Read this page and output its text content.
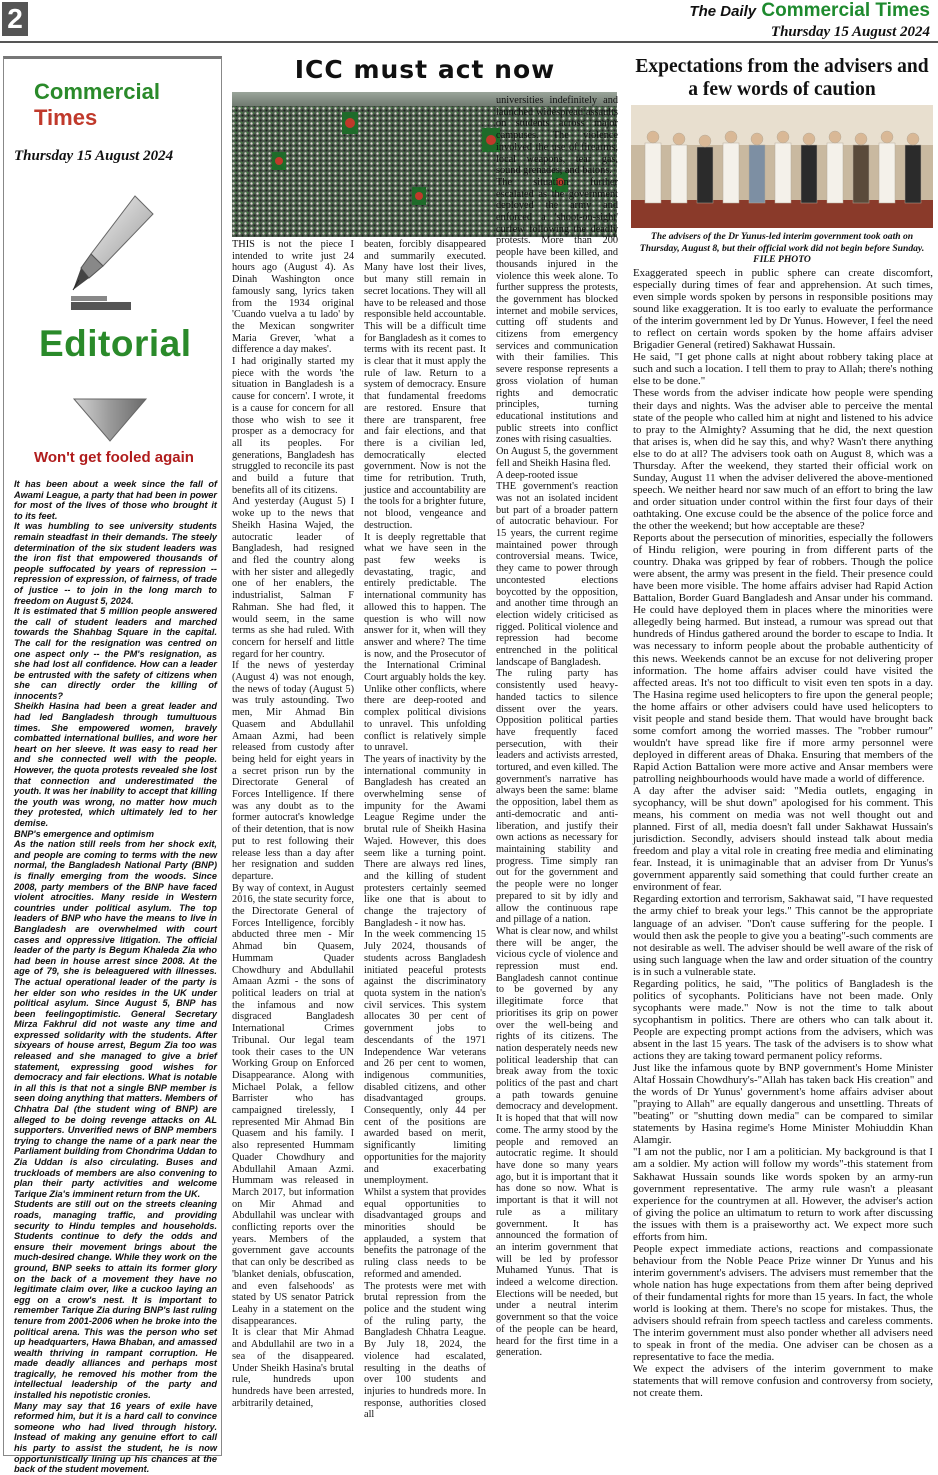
2	The Daily Commercial Times
Thursday 15 August 2024
Commercial Times
Thursday 15 August 2024
Editorial
Won't get fooled again

It has been about a week since the fall of Awami League, a party that had been in power for most of the lives of those who brought it to its feet.

It was humbling to see university students remain steadfast in their demands. The steely determination of the six student leaders was the iron fist that empowered thousands of people suffocated by years of repression -- repression of expression, of fairness, of trade of justice -- to join in the long march to freedom on August 5, 2024.

It is estimated that 5 million people answered the call of student leaders and marched towards the Shahbag Square in the capital. The call for the resignation was centred on one aspect only -- the PM's resignation, as she had lost all confidence. How can a leader be entrusted with the safety of citizens when she can directly order the killing of innocents?

Sheikh Hasina had been a great leader and had led Bangladesh through tumultuous times. She empowered women, bravely combatted international bullies, and wore her heart on her sleeve. It was easy to read her and she connected well with the people. However, the quota protests revealed she lost that connection and underestimated the youth. It was her inability to accept that killing the youth was wrong, no matter how much they protested, which ultimately led to her demise.

BNP's emergence and optimism

As the nation still reels from her shock exit, and people are coming to terms with the new normal, the Bangladesh National Party (BNP) is finally emerging from the woods. Since 2008, party members of the BNP have faced violent atrocities. Many reside in Western countries under political asylum. The top leaders of BNP who have the means to live in Bangladesh are overwhelmed with court cases and oppressive litigation. The official leader of the party is Begum Khaleda Zia who had been in house arrest since 2008. At the age of 79, she is beleaguered with illnesses. The actual operational leader of the party is her elder son who resides in the UK under political asylum. Since August 5, BNP has been feelingoptimistic. General Secretary Mirza Fakhrul did not waste any time and expressed solidarity with the students. After sixyears of house arrest, Begum Zia too was released and she managed to give a brief statement, expressing good wishes for democracy and fair elections. What is notable in all this is that not a single BNP member is seen doing anything that matters. Members of Chhatra Dal (the student wing of BNP) are alleged to be doing revenge attacks on AL supporters. Unverified news of BNP members trying to change the name of a park near the Parliament building from Chondrima Uddan to Zia Uddan is also circulating. Buses and truckloads of members are also convening to plan their party activities and welcome Tarique Zia's imminent return from the UK.

Students are still out on the streets cleaning roads, managing traffic, and providing security to Hindu temples and households. Students continue to defy the odds and ensure their movement brings about the much-desired change. While they work on the ground, BNP seeks to attain its former glory on the back of a movement they have no legitimate claim over, like a cuckoo laying an egg on a crow's nest. It is important to remember Tarique Zia during BNP's last ruling tenure from 2001-2006 when he broke into the political arena. This was the person who set up headquarters, Hawa Bhaban, and amassed wealth thriving in rampant corruption. He made deadly alliances and perhaps most tragically, he removed his mother from the intellectual leadership of the party and installed his nepotistic cronies.

Many may say that 16 years of exile have reformed him, but it is a hard call to convince someone who had lived through history. Instead of making any genuine effort to call his party to assist the student, he is now opportunistically lining up his chances at the back of the student movement.

ICC must act now

THIS is not the piece I intended to write just 24 hours ago (August 4). As Dinah Washington once famously sang, lyrics taken from the 1934 original 'Cuando vuelva a tu lado' by the Mexican songwriter Maria Grever, 'what a difference a day makes'.

I had originally started my piece with the words 'the situation in Bangladesh is a cause for concern'. I wrote, it is a cause for concern for all those who wish to see it prosper as a democracy for all its peoples. For generations, Bangladesh has struggled to reconcile its past and build a future that benefits all of its citizens.

And yesterday (August 5) I woke up to the news that Sheikh Hasina Wajed, the autocratic leader of Bangladesh, had resigned and fled the country along with her sister and allegedly one of her enablers, the industrialist, Salman F Rahman. She had fled, it would seem, in the same terms as she had ruled. With concern for herself and little regard for her country.

If the news of yesterday (August 4) was not enough, the news of today (August 5) was truly astounding. Two men, Mir Ahmad Bin Quasem and Abdullahil Amaan Azmi, had been released from custody after being held for eight years in a secret prison run by the Directorate General of Forces Intelligence. If there was any doubt as to the former autocrat's knowledge of their detention, that is now put to rest following their release less than a day after her resignation and sudden departure.

By way of context, in August 2016, the state security force, the Directorate General of Forces Intelligence, forcibly abducted three men - Mir Ahmad bin Quasem, Hummam Quader Chowdhury and Abdullahil Amaan Azmi - the sons of political leaders on trial at the infamous and now disgraced Bangladesh International Crimes Tribunal. Our legal team took their cases to the UN Working Group on Enforced Disappearance. Along with Michael Polak, a fellow Barrister who has campaigned tirelessly, I represented Mir Ahmad Bin Quasem and his family. I also represented Hummam Quader Chowdhury and Abdullahil Amaan Azmi. Hummam was released in March 2017, but information on Mir Ahmad and Abdullahil was unclear with conflicting reports over the years. Members of the government gave accounts that can only be described as 'blanket denials, obfuscation, and even falsehoods' as stated by US senator Patrick Leahy in a statement on the disappearances.

It is clear that Mir Ahmad and Abdullahil are two in a sea of the disappeared. Under Sheikh Hasina's brutal rule, hundreds upon hundreds have been arrested, arbitrarily detained,

beaten, forcibly disappeared and summarily executed. Many have lost their lives, but many still remain in secret locations. They will all have to be released and those responsible held accountable. This will be a difficult time for Bangladesh as it comes to terms with its recent past. It is clear that it must apply the rule of law. Return to a system of democracy. Ensure that fundamental freedoms are restored. Ensure that there are transparent, free and fair elections, and that there is a civilian led, democratically elected government. Now is not the time for retribution. Truth, justice and accountability are the tools for a brighter future, not blood, vengeance and destruction.

It is deeply regrettable that what we have seen in the past few weeks is devastating, tragic, and entirely predictable. The international community has allowed this to happen. The question is who will now answer for it, when will they answer and where? The time is now, and the Prosecutor of the International Criminal Court arguably holds the key. Unlike other conflicts, where there are deep-rooted and complex political divisions to unravel. This unfolding conflict is relatively simple to unravel.

The years of inactivity by the international community in Bangladesh has created an overwhelming sense of impunity for the Awami League Regime under the brutal rule of Sheikh Hasina Wajed. However, this does seem like a turning point. There are always red lines, and the killing of student protesters certainly seemed like one that is about to change the trajectory of Bangladesh - it now has.

In the week commencing 15 July 2024, thousands of students across Bangladesh initiated peaceful protests against the discriminatory quota system in the nation's civil services. This system allocates 30 per cent of government jobs to descendants of the 1971 Independence War veterans and 26 per cent to women, indigenous communities, disabled citizens, and other disadvantaged groups. Consequently, only 44 per cent of the positions are awarded based on merit, significantly limiting opportunities for the majority and exacerbating unemployment.

Whilst a system that provides equal opportunities to disadvantaged groups and minorities should be applauded, a system that benefits the patronage of the ruling class needs to be reformed and amended.

The protests were met with brutal repression from the police and the student wing of the ruling party, the Bangladesh Chhatra League. By July 18, 2024, the violence had escalated, resulting in the deaths of over 100 students and injuries to hundreds more. In response, authorities closed all

universities indefinitely and launched widespread assaults on students across major campuses. The violence involved the use of firearms, local weapons, tear gas, sound grenades, and batons.

The situation further escalated as the government deployed the army and enforced a 'shoot-on-sight' curfew following the deadly protests. More than 200 people have been killed, and thousands injured in the violence this week alone. To further suppress the protests, the government has blocked internet and mobile services, cutting off students and citizens from emergency services and communication with their families. This severe response represents a gross violation of human rights and democratic principles, turning educational institutions and public streets into conflict zones with rising casualties.

On August 5, the government fell and Sheikh Hasina fled.

A deep-rooted issue

THE government's reaction was not an isolated incident but part of a broader pattern of autocratic behaviour. For 15 years, the current regime maintained power through controversial means. Twice, they came to power through uncontested elections boycotted by the opposition, and another time through an election widely criticised as rigged. Political violence and repression had become entrenched in the political landscape of Bangladesh.

The ruling party has consistently used heavy-handed tactics to silence dissent over the years. Opposition political parties have frequently faced persecution, with their leaders and activists arrested, tortured, and even killed. The government's narrative has always been the same: blame the opposition, label them as anti-democratic and anti-liberation, and justify their own actions as necessary for maintaining stability and progress. Time simply ran out for the government and the people were no longer prepared to sit by idly and allow the continuous rape and pillage of a nation.

What is clear now, and whilst there will be anger, the vicious cycle of violence and repression must end. Bangladesh cannot continue to be governed by any illegitimate force that prioritises its grip on power over the well-being and rights of its citizens. The nation desperately needs new political leadership that can break away from the toxic politics of the past and chart a path towards genuine democracy and development. It is hoped that that will now come. The army stood by the people and removed an autocratic regime. It should have done so many years ago, but it is important that it has done so now. What is important is that it will not rule as a military government. It has announced the formation of an interim government that will be led by professor Muhamed Yunus. That is indeed a welcome direction. Elections will be needed, but under a neutral interim government so that the voice of the people can be heard, heard for the first time in a generation.

Expectations from the advisers and a few words of caution
The advisers of the Dr Yunus-led interim government took oath on Thursday, August 8, but their official work did not begin before Sunday. FILE PHOTO

Exaggerated speech in public sphere can create discomfort, especially during times of fear and apprehension. At such times, even simple words spoken by persons in responsible positions may sound like exaggeration. It is too early to evaluate the performance of the interim government led by Dr Yunus. However, I feel the need to reflect on certain words spoken by the home affairs adviser Brigadier General (retired) Sakhawat Hussain.

He said, "I get phone calls at night about robbery taking place at such and such a location. I tell them to pray to Allah; there's nothing else to be done."

These words from the adviser indicate how people were spending their days and nights. Was the adviser able to perceive the mental state of the people who called him at night and listened to his advice to pray to the Almighty? Assuming that he did, the next question that arises is, when did he say this, and why? Wasn't there anything else to do at all? The advisers took oath on August 8, which was a Thursday. After the weekend, they started their official work on Sunday, August 11 when the adviser delivered the above-mentioned speech. We neither heard nor saw much of an effort to bring the law and order situation under control within the first four days of their oathtaking. One excuse could be the absence of the police force and the other the weekend; but how acceptable are these?

Reports about the persecution of minorities, especially the followers of Hindu religion, were pouring in from different parts of the country. Dhaka was gripped by fear of robbers. Though the police were absent, the army was present in the field. Their presence could have been more visible. The home affairs adviser had Rapid Action Battalion, Border Guard Bangladesh and Ansar under his command. He could have deployed them in places where the minorities were allegedly being harmed. But instead, a rumour was spread out that hundreds of Hindus gathered around the border to escape to India. It was necessary to inform people about the probable authenticity of this news. Weekends cannot be an excuse for not delivering proper information. The home affairs adviser could have visited the affected areas. It's not too difficult to visit even ten spots in a day. The Hasina regime used helicopters to fire upon the general people; the home affairs or other advisers could have used helicopters to visit people and stand beside them. That would have brought back some comfort among the worried masses. The "robber rumour" wouldn't have spread like fire if more army personnel were deployed in different areas of Dhaka. Ensuring that members of the Rapid Action Battalion were more active and Ansar members were patrolling neighbourhoods would have made a world of difference.

A day after the adviser said: "Media outlets, engaging in sycophancy, will be shut down" apologised for his comment. This means, his comment on media was not well thought out and planned. First of all, media doesn't fall under Sakhawat Hussain's jurisdiction. Secondly, advisers should instead talk about media freedom and play a vital role in creating free media and eliminating fear. Instead, it is unimaginable that an adviser from Dr Yunus's government apparently said something that could further create an environment of fear.

Regarding extortion and terrorism, Sakhawat said, "I have requested the army chief to break your legs." This cannot be the appropriate language of an adviser. "Don't cause suffering for the people. I would then ask the people to give you a beating"-such comments are not desirable as well. The adviser should be well aware of the risk of using such language when the law and order situation of the country is in such a vulnerable state.

Regarding politics, he said, "The politics of Bangladesh is the politics of sycophants. Politicians have not been made. Only sycophants were made." Now is not the time to talk about sycophantism in politics. There are others who can talk about it. People are expecting prompt actions from the advisers, which was absent in the last 15 years. The task of the advisers is to show what actions they are taking toward permanent policy reforms.

Just like the infamous quote by BNP government's Home Minister Altaf Hossain Chowdhury's-"Allah has taken back His creation" and the words of Dr Yunus' government's home affairs adviser about "praying to Allah" are equally dangerous and unsettling. Threats of "beating" or "shutting down media" can be compared to similar statements by Hasina regime's Home Minister Mohiuddin Khan Alamgir.

"I am not the public, nor I am a politician. My background is that I am a soldier. My action will follow my words"-this statement from Sakhawat Hussain sounds like words spoken by an army-run government representative. The army rule wasn't a pleasant experience for the countrymen at all. However, the adviser's action of giving the police an ultimatum to return to work after discussing the issues with them is a praiseworthy act. We expect more such efforts from him.

People expect immediate actions, reactions and compassionate behaviour from the Noble Peace Prize winner Dr Yunus and his interim government's advisers. The advisers must remember that the whole nation has huge expectations from them after being deprived of their fundamental rights for more than 15 years. In fact, the whole world is looking at them. There's no scope for mistakes. Thus, the advisers should refrain from speech tactless and careless comments. The interim government must also ponder whether all advisers need to speak in front of the media. One adviser can be chosen as a representative to face the media.

We expect the advisers of the interim government to make statements that will remove confusion and controversy from society, not create them.
